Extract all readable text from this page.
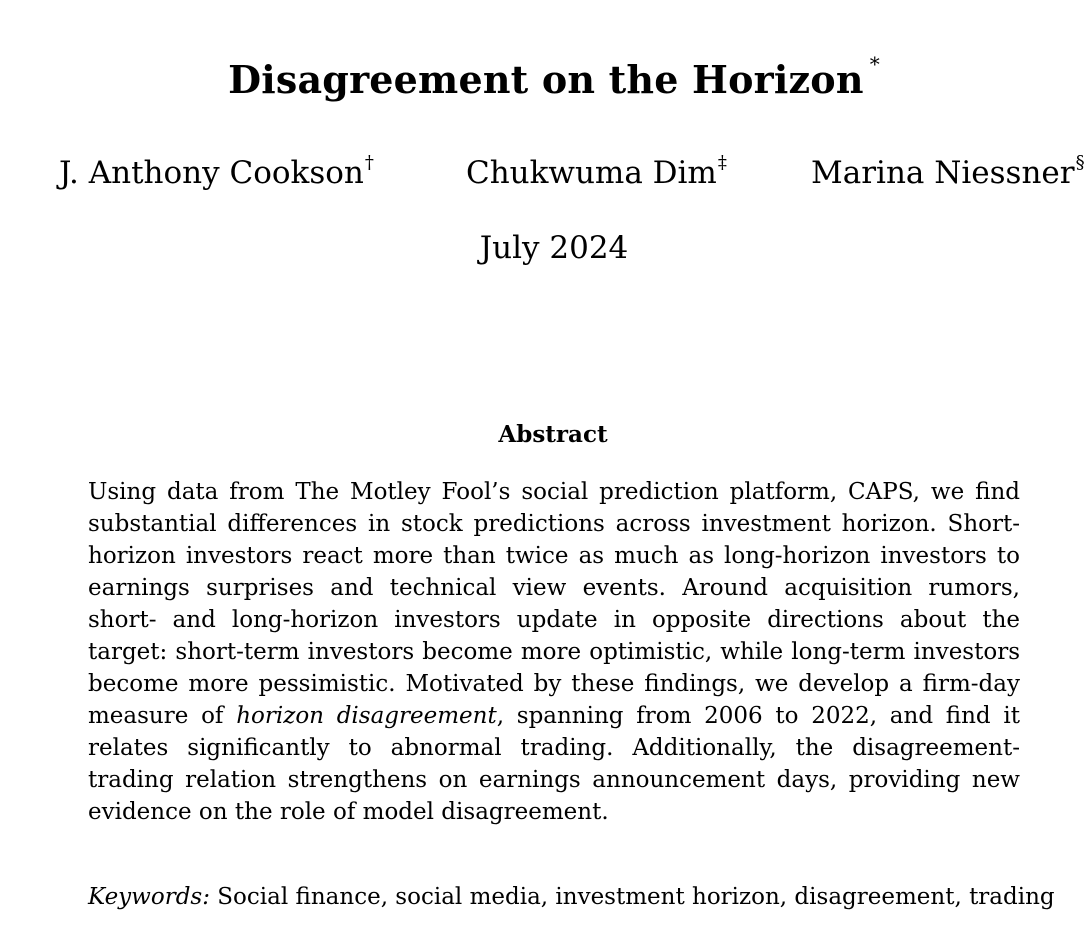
Disagreement on the Horizon *
J. Anthony Cookson†	Chukwuma Dim‡	Marina Niessner§
July 2024
Abstract

Using data from The Motley Fool’s social prediction platform, CAPS, we find substantial differences in stock predictions across investment horizon. Short-horizon investors react more than twice as much as long-horizon investors to earnings surprises and technical view events. Around acquisition rumors, short- and long-horizon investors update in opposite directions about the target: short-term investors become more optimistic, while long-term investors become more pessimistic. Motivated by these findings, we develop a firm-day measure of horizon disagreement, spanning from 2006 to 2022, and find it relates significantly to abnormal trading. Additionally, the disagreement-trading relation strengthens on earnings announcement days, providing new evidence on the role of model disagreement.

Keywords: Social finance, social media, investment horizon, disagreement, trading
